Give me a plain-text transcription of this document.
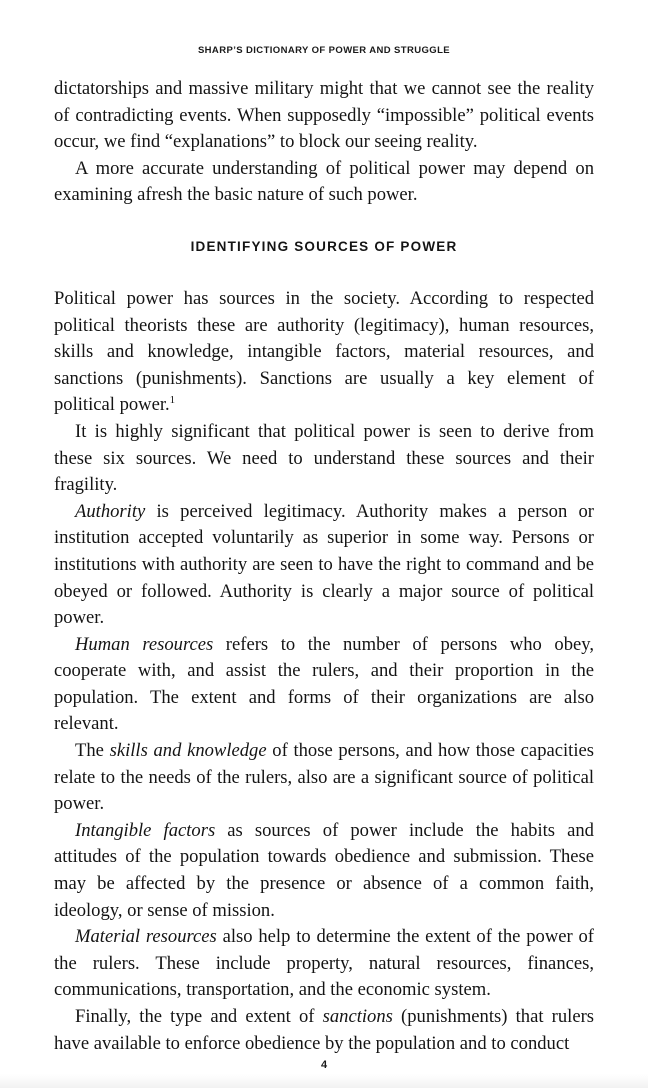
SHARP’S DICTIONARY OF POWER AND STRUGGLE

dictatorships and massive military might that we cannot see the reality of contradicting events. When supposedly “impossible” political events occur, we find “explanations” to block our seeing reality.

A more accurate understanding of political power may depend on examining afresh the basic nature of such power.

IDENTIFYING SOURCES OF POWER

Political power has sources in the society. According to respected political theorists these are authority (legitimacy), human resources, skills and knowledge, intangible factors, material resources, and sanctions (punishments). Sanctions are usually a key element of political power.$^1$

It is highly significant that political power is seen to derive from these six sources. We need to understand these sources and their fragility.

Authority is perceived legitimacy. Authority makes a person or institution accepted voluntarily as superior in some way. Persons or institutions with authority are seen to have the right to command and be obeyed or followed. Authority is clearly a major source of political power.

Human resources refers to the number of persons who obey, cooperate with, and assist the rulers, and their proportion in the population. The extent and forms of their organizations are also relevant.

The skills and knowledge of those persons, and how those capacities relate to the needs of the rulers, also are a significant source of political power.

Intangible factors as sources of power include the habits and attitudes of the population towards obedience and submission. These may be affected by the presence or absence of a common faith, ideology, or sense of mission.

Material resources also help to determine the extent of the power of the rulers. These include property, natural resources, finances, communications, transportation, and the economic system.

Finally, the type and extent of sanctions (punishments) that rulers have available to enforce obedience by the population and to conduct

4
